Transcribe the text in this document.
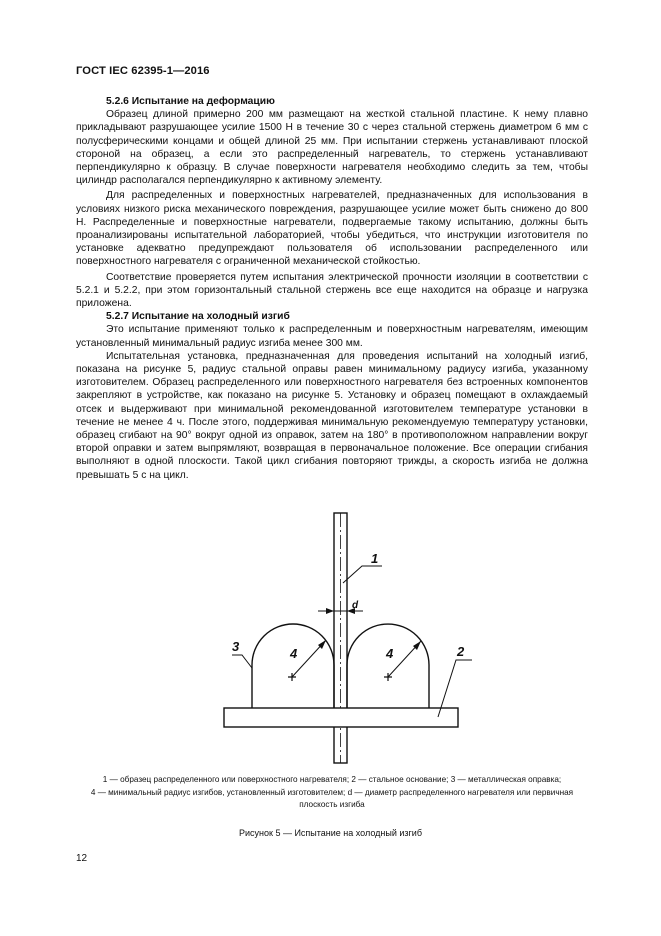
ГОСТ IEC 62395-1—2016
5.2.6 Испытание на деформацию

Образец длиной примерно 200 мм размещают на жесткой стальной пластине. К нему плавно прикладывают разрушающее усилие 1500 Н в течение 30 с через стальной стержень диаметром 6 мм с полусферическими концами и общей длиной 25 мм. При испытании стержень устанавливают плоской стороной на образец, а если это распределенный нагреватель, то стержень устанавливают перпендикулярно к образцу. В случае поверхности нагревателя необходимо следить за тем, чтобы цилиндр располагался перпендикулярно к активному элементу.

Для распределенных и поверхностных нагревателей, предназначенных для использования в условиях низкого риска механического повреждения, разрушающее усилие может быть снижено до 800 Н. Распределенные и поверхностные нагреватели, подвергаемые такому испытанию, должны быть проанализированы испытательной лабораторией, чтобы убедиться, что инструкции изготовителя по установке адекватно предупреждают пользователя об использовании распределенного или поверхностного нагревателя с ограниченной механической стойкостью.

Соответствие проверяется путем испытания электрической прочности изоляции в соответствии с 5.2.1 и 5.2.2, при этом горизонтальный стальной стержень все еще находится на образце и нагрузка приложена.

5.2.7 Испытание на холодный изгиб

Это испытание применяют только к распределенным и поверхностным нагревателям, имеющим установленный минимальный радиус изгиба менее 300 мм.

Испытательная установка, предназначенная для проведения испытаний на холодный изгиб, показана на рисунке 5, радиус стальной оправы равен минимальному радиусу изгиба, указанному изготовителем. Образец распределенного или поверхностного нагревателя без встроенных компонентов закрепляют в устройстве, как показано на рисунке 5. Установку и образец помещают в охлаждаемый отсек и выдерживают при минимальной рекомендованной изготовителем температуре установки в течение не менее 4 ч. После этого, поддерживая минимальную рекомендуемую температуру установки, образец сгибают на 90° вокруг одной из оправок, затем на 180° в противоположном направлении вокруг второй оправки и затем выпрямляют, возвращая в первоначальное положение. Все операции сгибания выполняют в одной плоскости. Такой цикл сгибания повторяют трижды, а скорость изгиба не должна превышать 5 с на цикл.

1
2
3	4	4
d
1 — образец распределенного или поверхностного нагревателя; 2 — стальное основание; 3 — металлическая оправка;
4 — минимальный радиус изгибов, установленный изготовителем; d — диаметр распределенного нагревателя или первичная плоскость изгиба
Рисунок 5 — Испытание на холодный изгиб
12
